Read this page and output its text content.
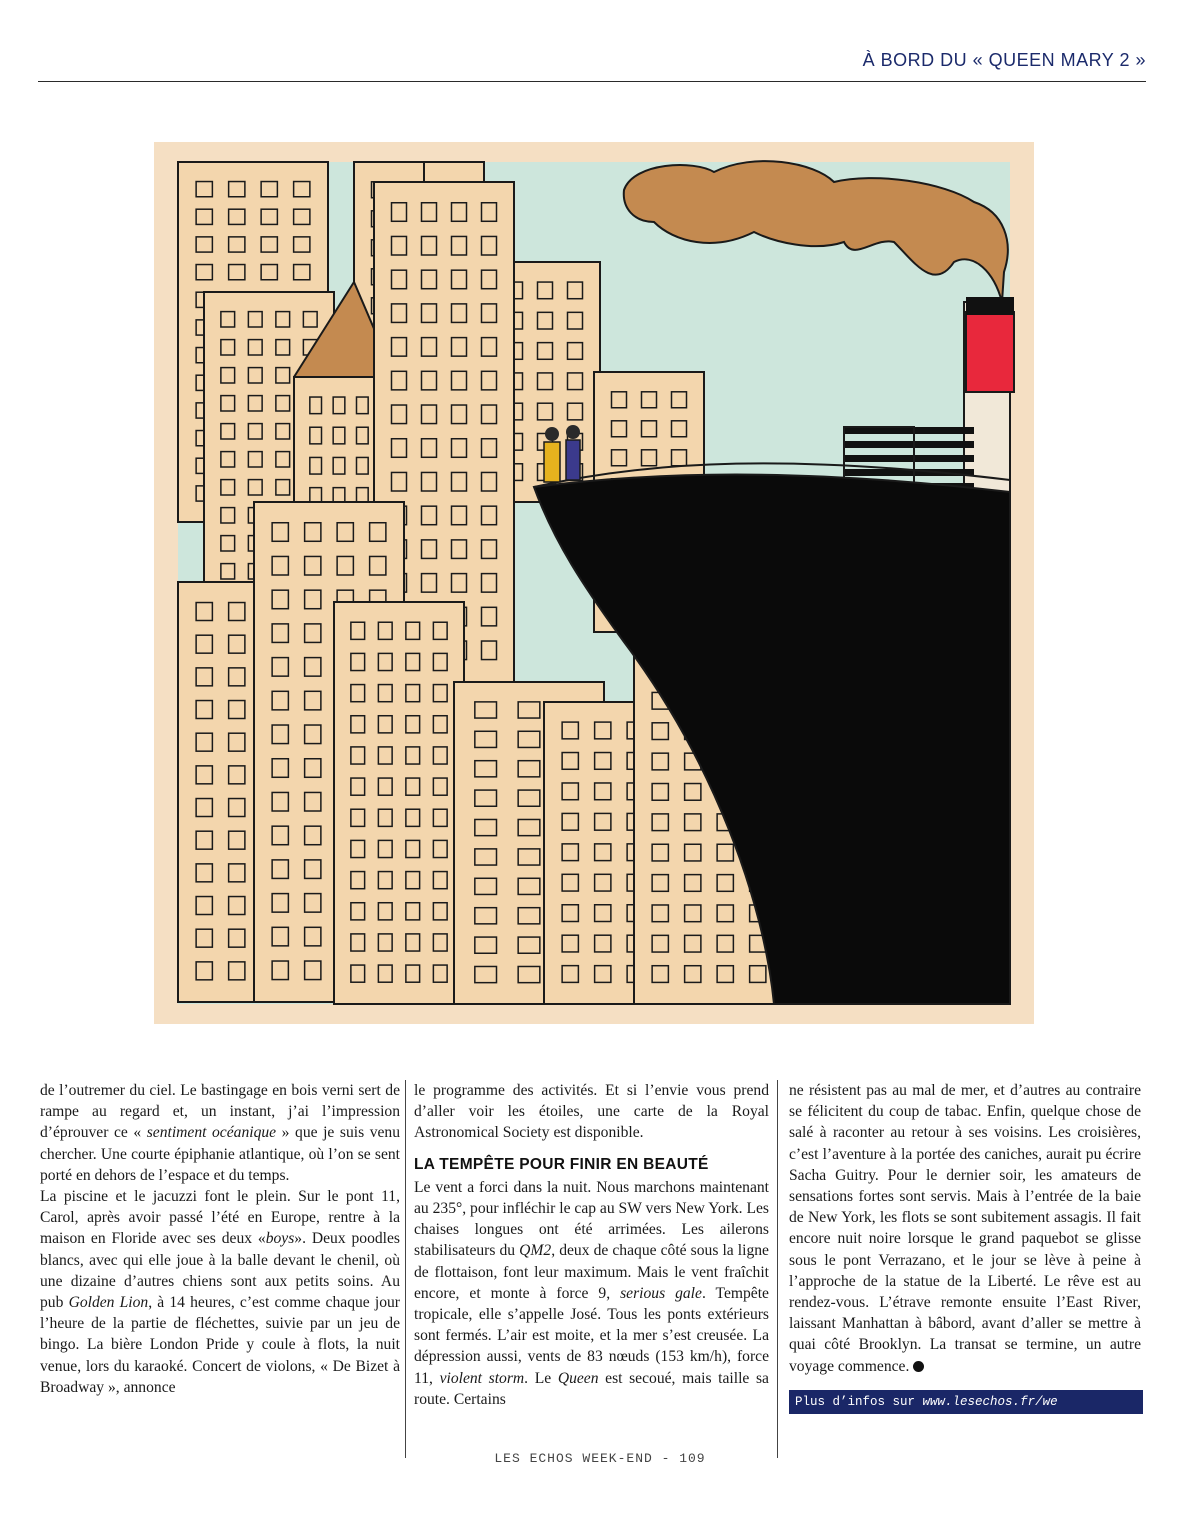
À BORD DU « QUEEN MARY 2 »

de l’outremer du ciel. Le bastingage en bois verni sert de rampe au regard et, un instant, j’ai l’impression d’éprouver ce « sentiment océanique » que je suis venu chercher. Une courte épiphanie atlantique, où l’on se sent porté en dehors de l’espace et du temps.

La piscine et le jacuzzi font le plein. Sur le pont 11, Carol, après avoir passé l’été en Europe, rentre à la maison en Floride avec ses deux «boys». Deux poodles blancs, avec qui elle joue à la balle devant le chenil, où une dizaine d’autres chiens sont aux petits soins. Au pub Golden Lion, à 14 heures, c’est comme chaque jour l’heure de la partie de fléchettes, suivie par un jeu de bingo. La bière London Pride y coule à flots, la nuit venue, lors du karaoké. Concert de violons, « De Bizet à Broadway », annonce

le programme des activités. Et si l’envie vous prend d’aller voir les étoiles, une carte de la Royal Astronomical Society est disponible.

LA TEMPÊTE POUR FINIR EN BEAUTÉ

Le vent a forci dans la nuit. Nous marchons maintenant au 235°, pour infléchir le cap au SW vers New York. Les chaises longues ont été arrimées. Les ailerons stabilisateurs du QM2, deux de chaque côté sous la ligne de flottaison, font leur maximum. Mais le vent fraîchit encore, et monte à force 9, serious gale. Tempête tropicale, elle s’appelle José. Tous les ponts extérieurs sont fermés. L’air est moite, et la mer s’est creusée. La dépression aussi, vents de 83 nœuds (153 km/h), force 11, violent storm. Le Queen est secoué, mais taille sa route. Certains

ne résistent pas au mal de mer, et d’autres au contraire se félicitent du coup de tabac. Enfin, quelque chose de salé à raconter au retour à ses voisins. Les croisières, c’est l’aventure à la portée des caniches, aurait pu écrire Sacha Guitry. Pour le dernier soir, les amateurs de sensations fortes sont servis. Mais à l’entrée de la baie de New York, les flots se sont subitement assagis. Il fait encore nuit noire lorsque le grand paquebot se glisse sous le pont Verrazano, et le jour se lève à peine à l’approche de la statue de la Liberté. Le rêve est au rendez-vous. L’étrave remonte ensuite l’East River, laissant Manhattan à bâbord, avant d’aller se mettre à quai côté Brooklyn. La transat se termine, un autre voyage commence.

Plus d’infos sur www.lesechos.fr/we
LES ECHOS WEEK-END - 109
